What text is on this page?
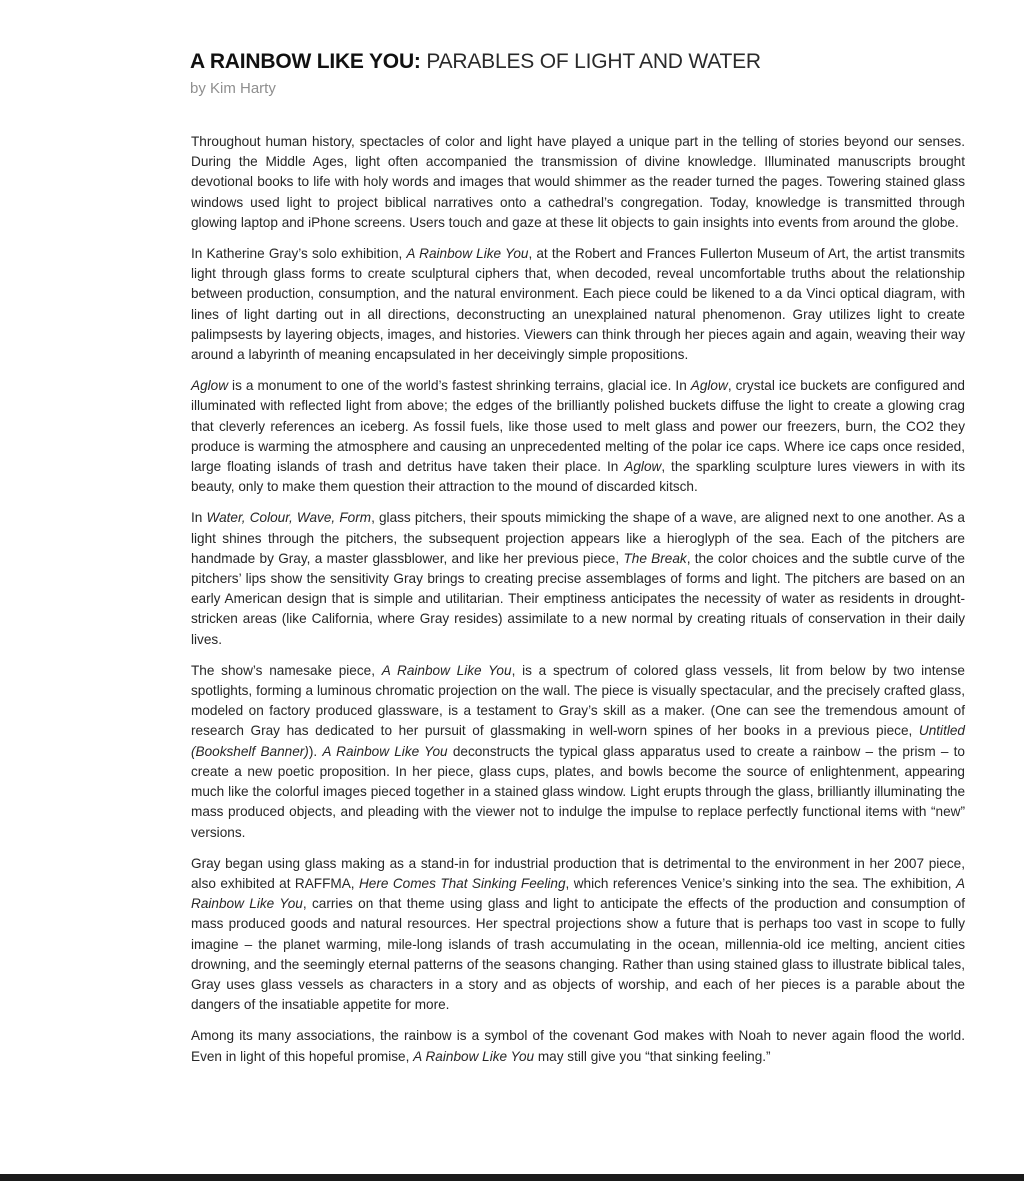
A RAINBOW LIKE YOU: PARABLES OF LIGHT AND WATER

by Kim Harty

Throughout human history, spectacles of color and light have played a unique part in the telling of stories beyond our senses. During the Middle Ages, light often accompanied the transmission of divine knowledge. Illuminated manuscripts brought devotional books to life with holy words and images that would shimmer as the reader turned the pages. Towering stained glass windows used light to project biblical narratives onto a cathedral’s congregation. Today, knowledge is transmitted through glowing laptop and iPhone screens. Users touch and gaze at these lit objects to gain insights into events from around the globe.

In Katherine Gray’s solo exhibition, A Rainbow Like You, at the Robert and Frances Fullerton Museum of Art, the artist transmits light through glass forms to create sculptural ciphers that, when decoded, reveal uncomfortable truths about the relationship between production, consumption, and the natural environment. Each piece could be likened to a da Vinci optical diagram, with lines of light darting out in all directions, deconstructing an unexplained natural phenomenon. Gray utilizes light to create palimpsests by layering objects, images, and histories. Viewers can think through her pieces again and again, weaving their way around a labyrinth of meaning encapsulated in her deceivingly simple propositions.

Aglow is a monument to one of the world’s fastest shrinking terrains, glacial ice. In Aglow, crystal ice buckets are configured and illuminated with reflected light from above; the edges of the brilliantly polished buckets diffuse the light to create a glowing crag that cleverly references an iceberg. As fossil fuels, like those used to melt glass and power our freezers, burn, the CO2 they produce is warming the atmosphere and causing an unprecedented melting of the polar ice caps. Where ice caps once resided, large floating islands of trash and detritus have taken their place. In Aglow, the sparkling sculpture lures viewers in with its beauty, only to make them question their attraction to the mound of discarded kitsch.

In Water, Colour, Wave, Form, glass pitchers, their spouts mimicking the shape of a wave, are aligned next to one another. As a light shines through the pitchers, the subsequent projection appears like a hieroglyph of the sea. Each of the pitchers are handmade by Gray, a master glassblower, and like her previous piece, The Break, the color choices and the subtle curve of the pitchers’ lips show the sensitivity Gray brings to creating precise assemblages of forms and light. The pitchers are based on an early American design that is simple and utilitarian. Their emptiness anticipates the necessity of water as residents in drought-stricken areas (like California, where Gray resides) assimilate to a new normal by creating rituals of conservation in their daily lives.

The show’s namesake piece, A Rainbow Like You, is a spectrum of colored glass vessels, lit from below by two intense spotlights, forming a luminous chromatic projection on the wall. The piece is visually spectacular, and the precisely crafted glass, modeled on factory produced glassware, is a testament to Gray’s skill as a maker. (One can see the tremendous amount of research Gray has dedicated to her pursuit of glassmaking in well-worn spines of her books in a previous piece, Untitled (Bookshelf Banner)). A Rainbow Like You deconstructs the typical glass apparatus used to create a rainbow – the prism – to create a new poetic proposition. In her piece, glass cups, plates, and bowls become the source of enlightenment, appearing much like the colorful images pieced together in a stained glass window. Light erupts through the glass, brilliantly illuminating the mass produced objects, and pleading with the viewer not to indulge the impulse to replace perfectly functional items with “new” versions.

Gray began using glass making as a stand-in for industrial production that is detrimental to the environment in her 2007 piece, also exhibited at RAFFMA, Here Comes That Sinking Feeling, which references Venice’s sinking into the sea. The exhibition, A Rainbow Like You, carries on that theme using glass and light to anticipate the effects of the production and consumption of mass produced goods and natural resources. Her spectral projections show a future that is perhaps too vast in scope to fully imagine – the planet warming, mile-long islands of trash accumulating in the ocean, millennia-old ice melting, ancient cities drowning, and the seemingly eternal patterns of the seasons changing. Rather than using stained glass to illustrate biblical tales, Gray uses glass vessels as characters in a story and as objects of worship, and each of her pieces is a parable about the dangers of the insatiable appetite for more.

Among its many associations, the rainbow is a symbol of the covenant God makes with Noah to never again flood the world. Even in light of this hopeful promise, A Rainbow Like You may still give you “that sinking feeling.”
